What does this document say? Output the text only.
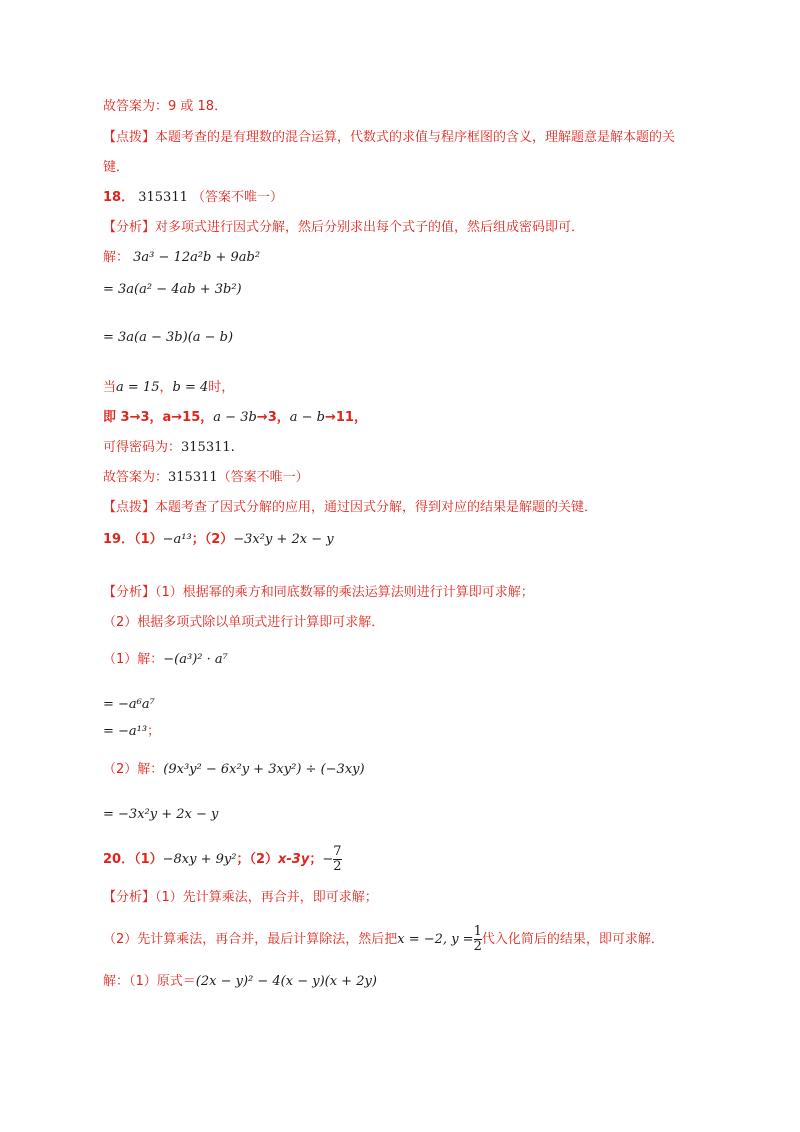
故答案为：9 或 18．
【点拨】本题考查的是有理数的混合运算，代数式的求值与程序框图的含义，理解题意是解本题的关
键．
18． 315311 （答案不唯一）
【分析】对多项式进行因式分解，然后分别求出每个式子的值，然后组成密码即可．
解： 3a³ − 12a²b + 9ab²
= 3a(a² − 4ab + 3b²)
= 3a(a − 3b)(a − b)
当a = 15，b = 4时，
即 3→3，a→15，a − 3b→3，a − b→11，
可得密码为：315311.
故答案为：315311（答案不唯一）
【点拨】本题考查了因式分解的应用，通过因式分解，得到对应的结果是解题的关键．
19．（1）−a¹³；（2）−3x²y + 2x − y
【分析】（1）根据幂的乘方和同底数幂的乘法运算法则进行计算即可求解；
（2）根据多项式除以单项式进行计算即可求解．
（1）解：−(a³)² · a⁷
= −a⁶a⁷
= −a¹³；
（2）解：(9x³y² − 6x²y + 3xy²) ÷ (−3xy)
= −3x²y + 2x − y
20．（1）−8xy + 9y²；（2）x-3y；− $\frac{7}{2}$
【分析】（1）先计算乘法，再合并，即可求解；
（2）先计算乘法，再合并，最后计算除法，然后把x = −2, $y = \frac{1}{2}$ 代入化简后的结果，即可求解．
解：（1）原式＝(2x − y)² − 4(x − y)(x + 2y)
